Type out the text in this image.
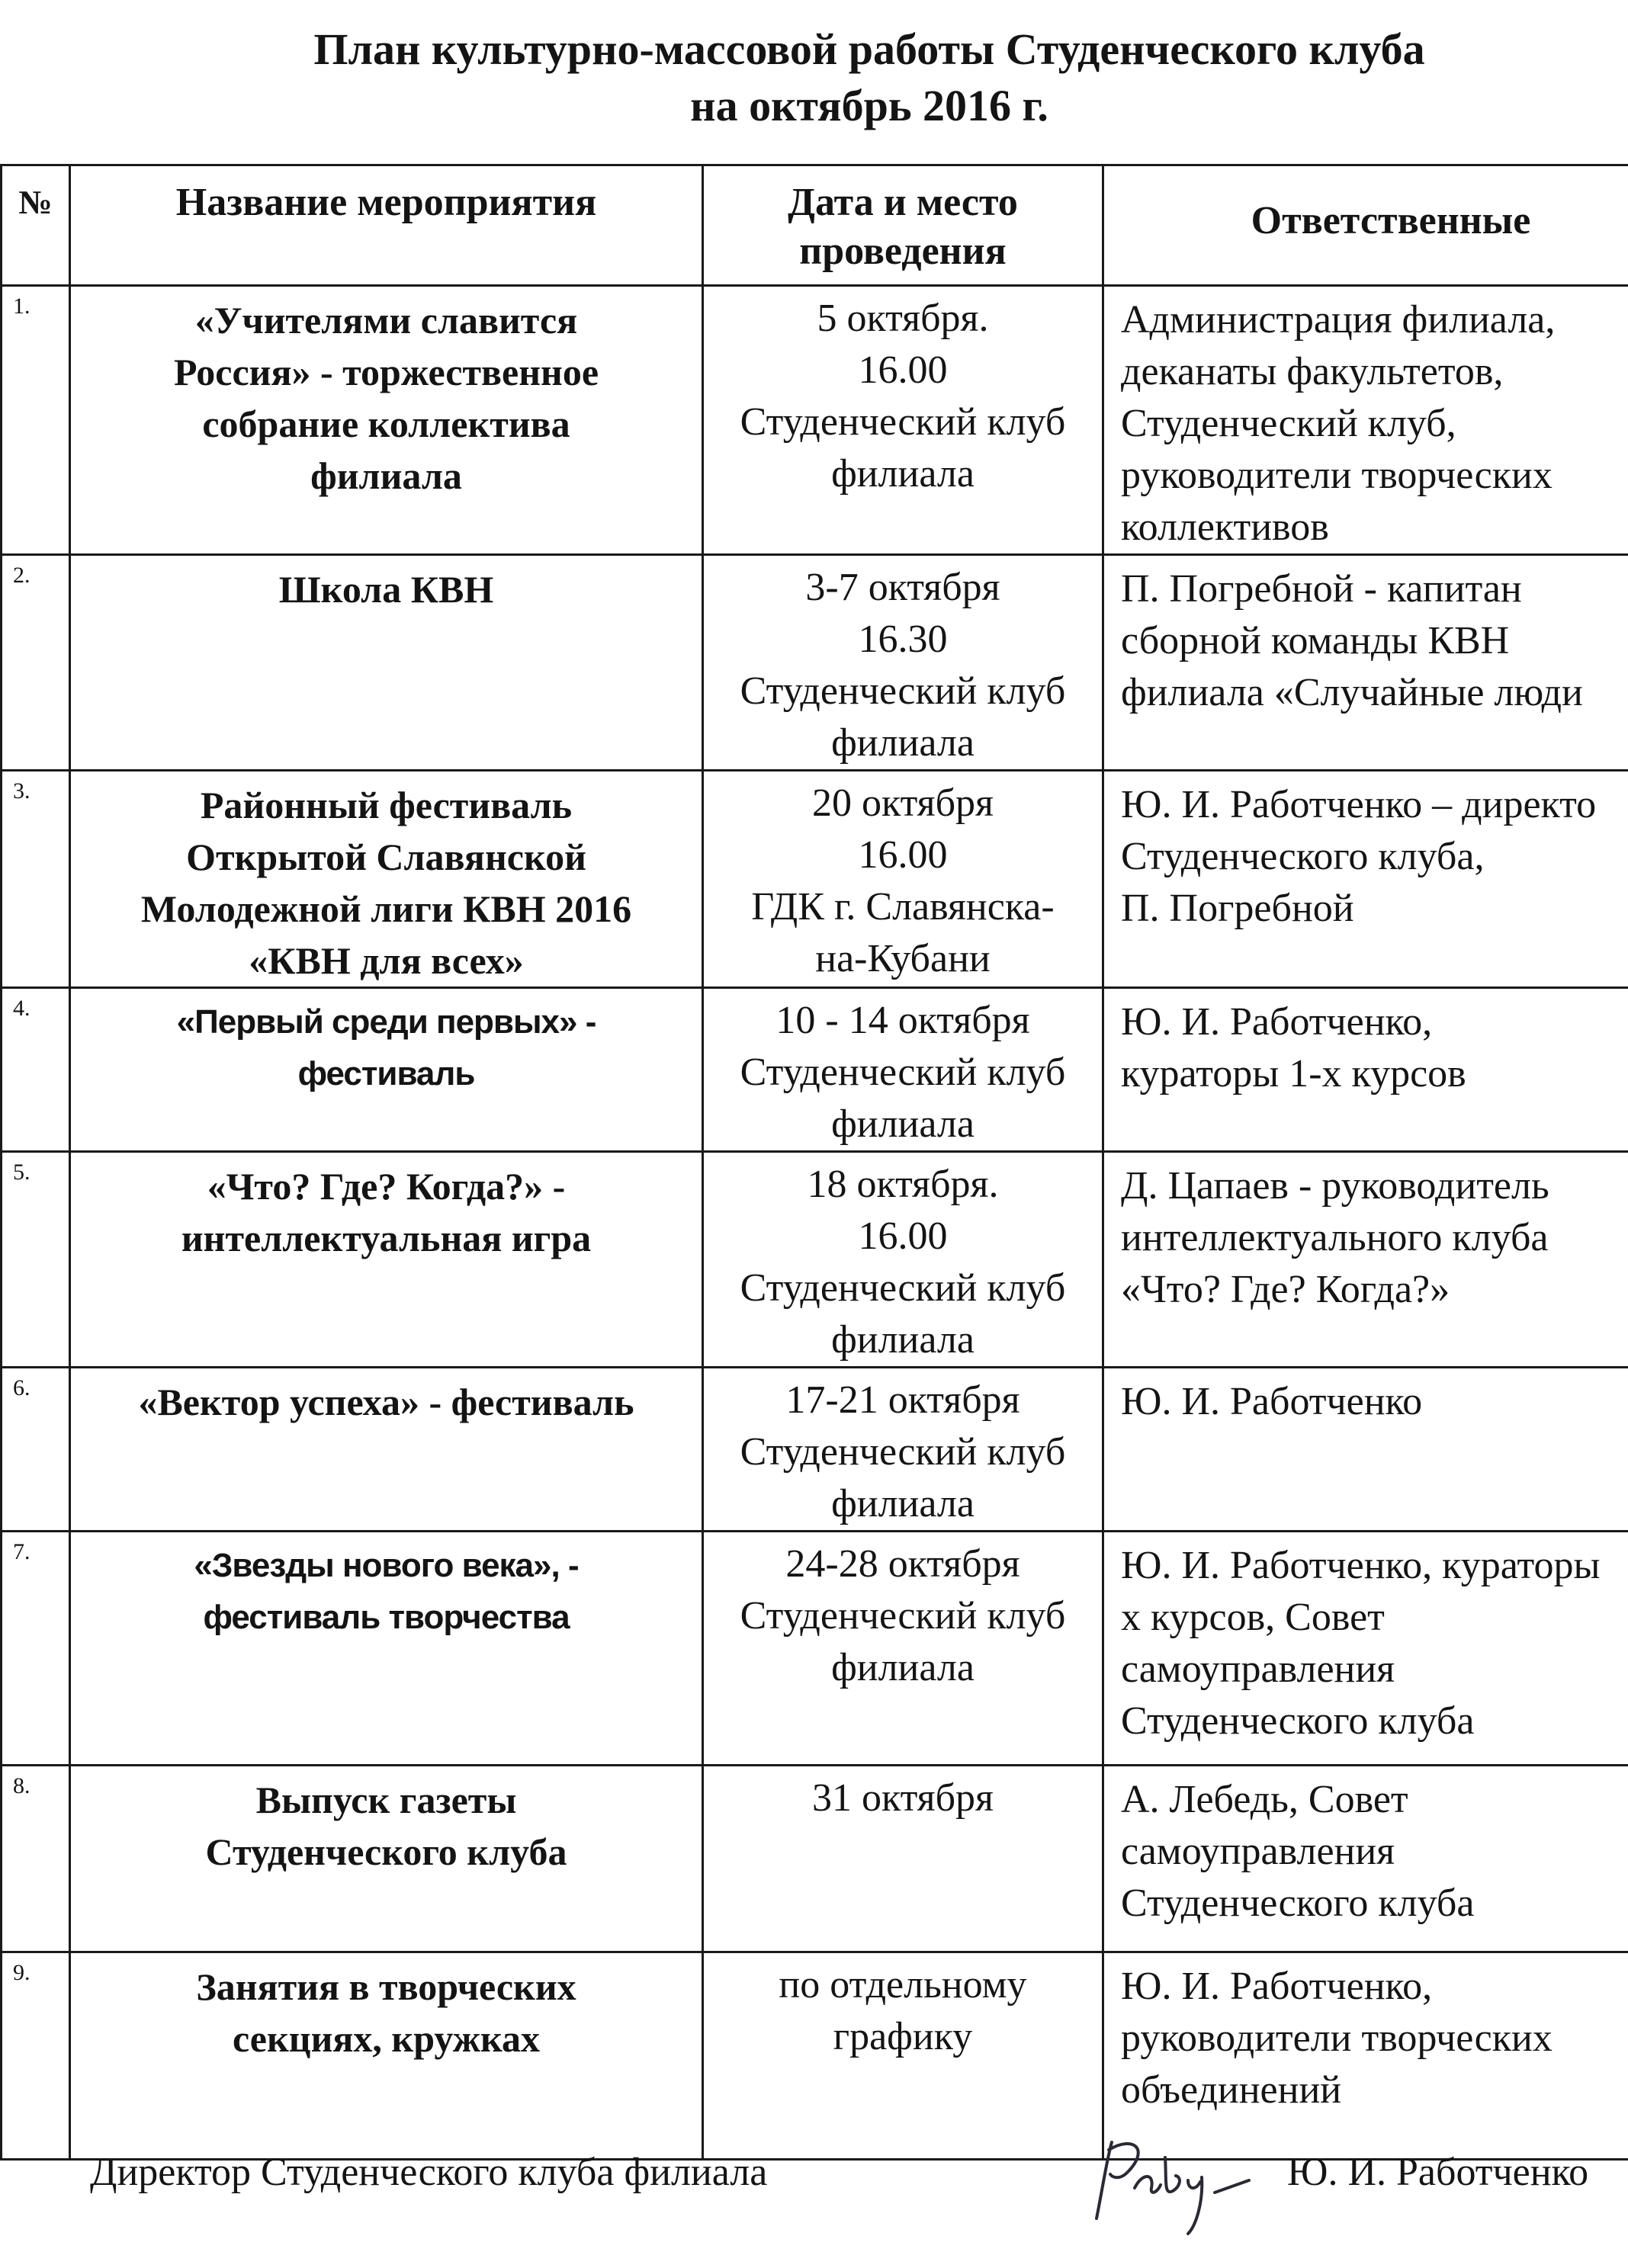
План культурно-массовой работы Студенческого клуба
на октябрь 2016 г.
№	Название мероприятия	Дата и место проведения	Ответственные
1.	«Учителями славится
Россия» - торжественное
собрание коллектива
филиала	5 октября.
16.00
Студенческий клуб
филиала	Администрация филиала,
деканаты факультетов,
Студенческий клуб,
руководители творческих
коллективов

2.	Школа КВН	3-7 октября
16.30
Студенческий клуб
филиала	П. Погребной - капитан
сборной команды КВН
филиала «Случайные люди

3.	Районный фестиваль
Открытой Славянской
Молодежной лиги КВН 2016
«КВН для всех»	20 октября
16.00
ГДК г. Славянска-
на-Кубани	Ю. И. Работченко – директо
Студенческого клуба,
П. Погребной

4.	«Первый среди первых» -
фестиваль	10 - 14 октября
Студенческий клуб
филиала	Ю. И. Работченко,
кураторы 1-х курсов

5.	«Что? Где? Когда?» -
интеллектуальная игра	18 октября.
16.00
Студенческий клуб
филиала	Д. Цапаев - руководитель
интеллектуального клуба
«Что? Где? Когда?»

6.	«Вектор успеха» - фестиваль	17-21 октября
Студенческий клуб
филиала	Ю. И. Работченко

7.	«Звезды нового века», -
фестиваль творчества	24-28 октября
Студенческий клуб
филиала	Ю. И. Работченко, кураторы
х курсов, Совет
самоуправления
Студенческого клуба

8.	Выпуск газеты
Студенческого клуба	31 октября	А. Лебедь, Совет
самоуправления
Студенческого клуба

9.	Занятия в творческих
секциях, кружках	по отдельному
графику	Ю. И. Работченко,
руководители творческих
объединений
Директор Студенческого клуба филиала	Ю. И. Работченко
